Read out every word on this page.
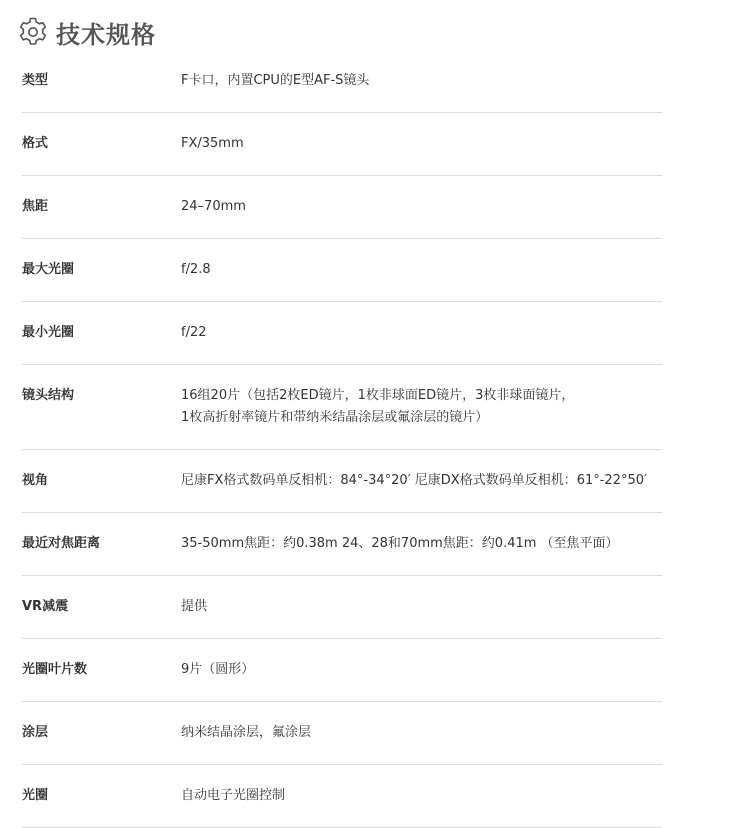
技术规格
类型	F卡口，内置CPU的E型AF-S镜头
格式	FX/35mm
焦距	24–70mm
最大光圈	f/2.8
最小光圈	f/22
镜头结构	16组20片（包括2枚ED镜片，1枚非球面ED镜片，3枚非球面镜片，
1枚高折射率镜片和带纳米结晶涂层或氟涂层的镜片）
视角	尼康FX格式数码单反相机：84°-34°20′ 尼康DX格式数码单反相机：61°-22°50′
最近对焦距离	35-50mm焦距：约0.38m 24、28和70mm焦距：约0.41m （至焦平面）
VR减震	提供
光圈叶片数	9片（圆形）
涂层	纳米结晶涂层，氟涂层
光圈	自动电子光圈控制
